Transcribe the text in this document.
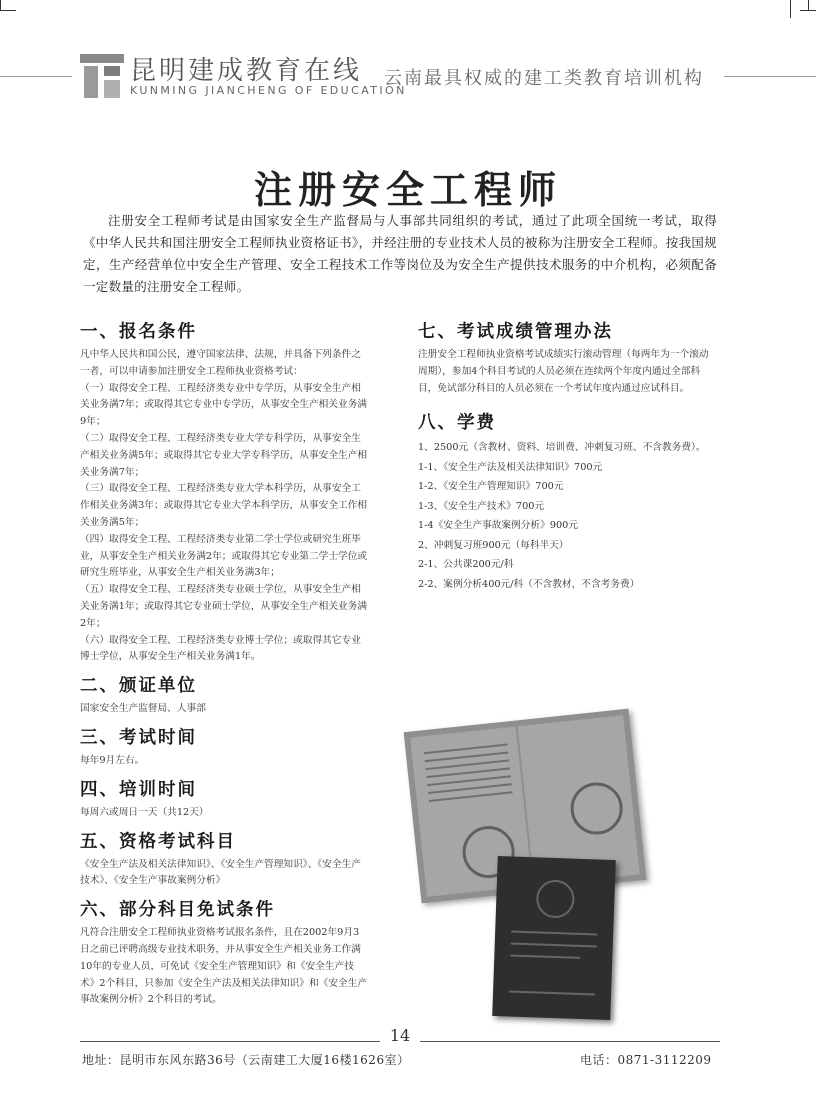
昆明建成教育在线
KUNMING JIANCHENG OF EDUCATION
云南最具权威的建工类教育培训机构
注册安全工程师

注册安全工程师考试是由国家安全生产监督局与人事部共同组织的考试，通过了此项全国统一考试，取得《中华人民共和国注册安全工程师执业资格证书》，并经注册的专业技术人员的被称为注册安全工程师。按我国规定，生产经营单位中安全生产管理、安全工程技术工作等岗位及为安全生产提供技术服务的中介机构，必须配备一定数量的注册安全工程师。

一、报名条件

凡中华人民共和国公民，遵守国家法律、法规，并具备下列条件之一者，可以申请参加注册安全工程师执业资格考试：

（一）取得安全工程、工程经济类专业中专学历，从事安全生产相关业务满7年；或取得其它专业中专学历，从事安全生产相关业务满9年；

（二）取得安全工程、工程经济类专业大学专科学历，从事安全生产相关业务满5年；或取得其它专业大学专科学历，从事安全生产相关业务满7年；

（三）取得安全工程、工程经济类专业大学本科学历，从事安全工作相关业务满3年；或取得其它专业大学本科学历，从事安全工作相关业务满5年；

（四）取得安全工程、工程经济类专业第二学士学位或研究生班毕业，从事安全生产相关业务满2年；或取得其它专业第二学士学位或研究生班毕业，从事安全生产相关业务满3年；

（五）取得安全工程、工程经济类专业硕士学位，从事安全生产相关业务满1年；或取得其它专业硕士学位，从事安全生产相关业务满2年；

（六）取得安全工程、工程经济类专业博士学位；或取得其它专业博士学位，从事安全生产相关业务满1年。

二、颁证单位

国家安全生产监督局、人事部

三、考试时间

每年9月左右。

四、培训时间

每周六或周日一天（共12天）

五、资格考试科目

《安全生产法及相关法律知识》、《安全生产管理知识》、《安全生产技术》、《安全生产事故案例分析》

六、部分科目免试条件

凡符合注册安全工程师执业资格考试报名条件，且在2002年9月3日之前已评聘高级专业技术职务，并从事安全生产相关业务工作满10年的专业人员，可免试《安全生产管理知识》和《安全生产技术》2个科目，只参加《安全生产法及相关法律知识》和《安全生产事故案例分析》2个科目的考试。

七、考试成绩管理办法

注册安全工程师执业资格考试成绩实行滚动管理（每两年为一个滚动周期），参加4个科目考试的人员必须在连续两个年度内通过全部科目，免试部分科目的人员必须在一个考试年度内通过应试科目。

八、学费
1、2500元（含教材、资料、培训费、冲刺复习班、不含教务费）。
1-1、《安全生产法及相关法律知识》700元
1-2、《安全生产管理知识》700元
1-3、《安全生产技术》700元
1-4《安全生产事故案例分析》900元
2、冲刺复习班900元（每科半天）
2-1、公共课200元/科
2-2、案例分析400元/科（不含教材，不含考务费）
14
地址：昆明市东风东路36号（云南建工大厦16楼1626室）	电话：0871-3112209
